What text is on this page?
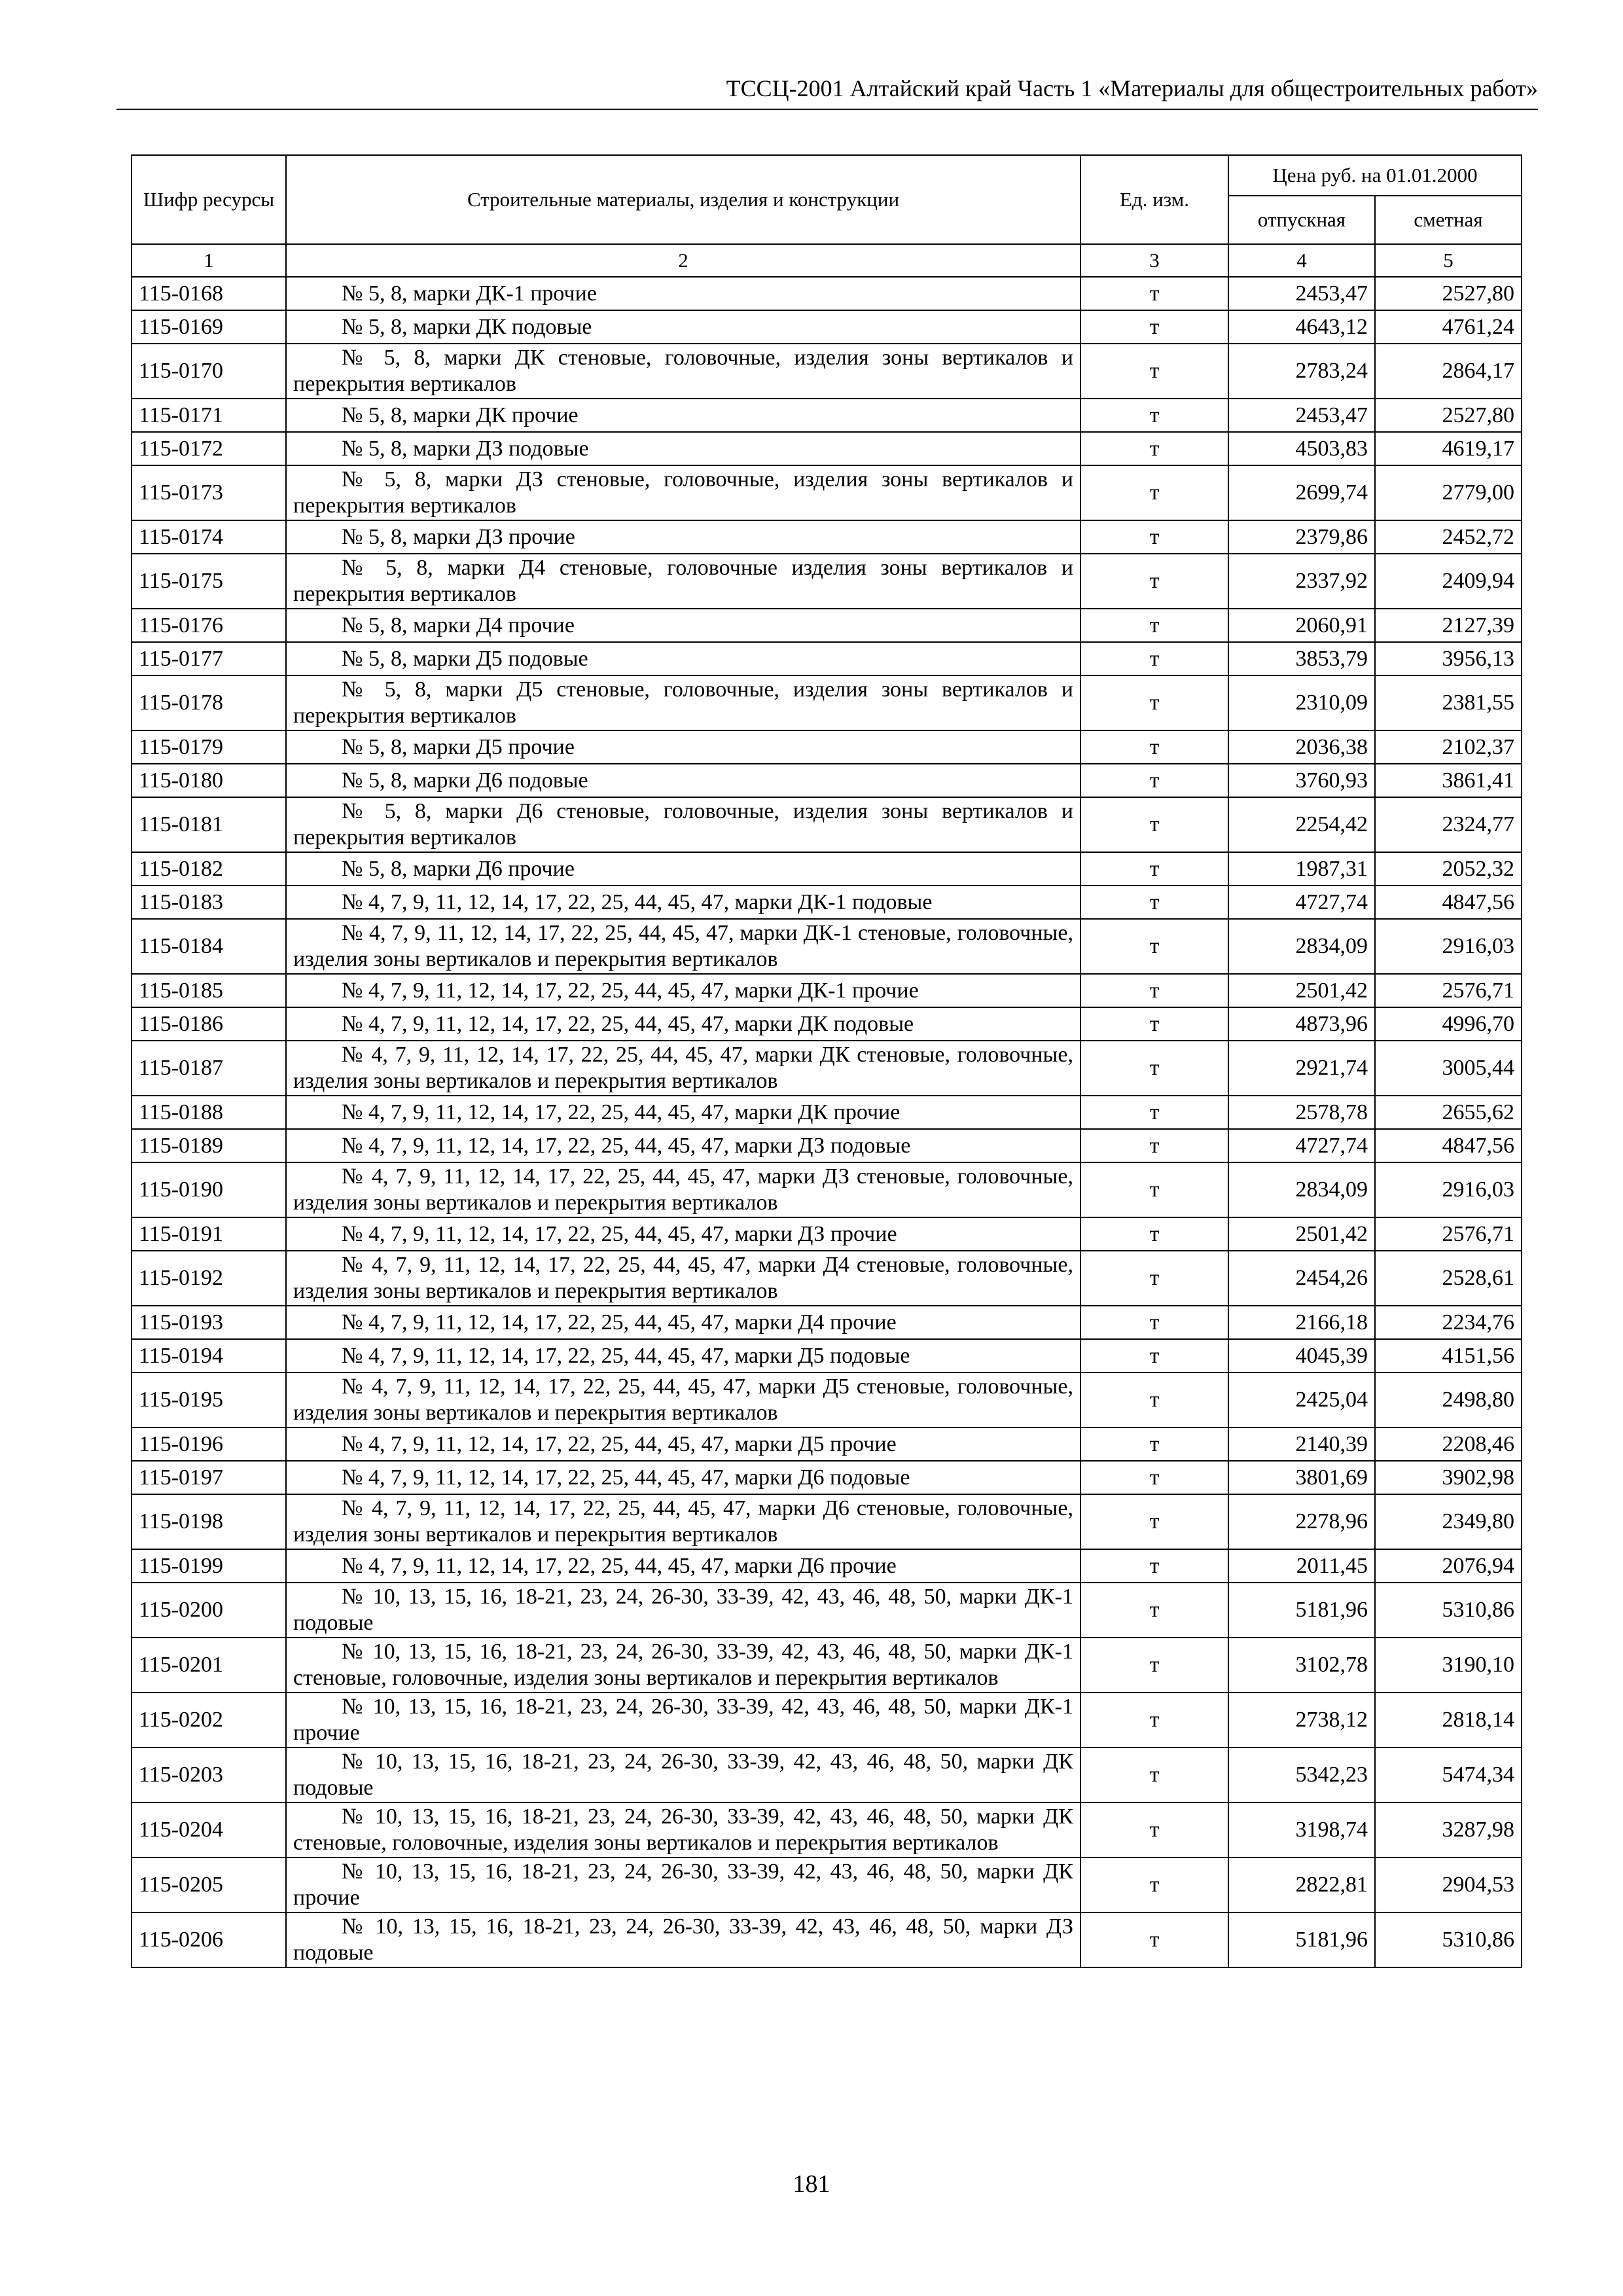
ТССЦ-2001 Алтайский край Часть 1 «Материалы для общестроительных работ»
Шифр ресурсы	Строительные материалы, изделия и конструкции	Ед. изм.	Цена руб. на 01.01.2000	
			отпускная	сметная
1	2	3	4	5
115-0168	№ 5, 8, марки ДК-1 прочие	т	2453,47	2527,80
115-0169	№ 5, 8, марки ДК подовые	т	4643,12	4761,24
115-0170	№ 5, 8, марки ДК стеновые, головочные, изделия зоны вертикалов и перекрытия вертикалов	т	2783,24	2864,17
115-0171	№ 5, 8, марки ДК прочие	т	2453,47	2527,80
115-0172	№ 5, 8, марки ДЗ подовые	т	4503,83	4619,17
115-0173	№ 5, 8, марки ДЗ стеновые, головочные, изделия зоны вертикалов и перекрытия вертикалов	т	2699,74	2779,00
115-0174	№ 5, 8, марки ДЗ прочие	т	2379,86	2452,72
115-0175	№ 5, 8, марки Д4 стеновые, головочные изделия зоны вертикалов и перекрытия вертикалов	т	2337,92	2409,94
115-0176	№ 5, 8, марки Д4 прочие	т	2060,91	2127,39
115-0177	№ 5, 8, марки Д5 подовые	т	3853,79	3956,13
115-0178	№ 5, 8, марки Д5 стеновые, головочные, изделия зоны вертикалов и перекрытия вертикалов	т	2310,09	2381,55
115-0179	№ 5, 8, марки Д5 прочие	т	2036,38	2102,37
115-0180	№ 5, 8, марки Д6 подовые	т	3760,93	3861,41
115-0181	№ 5, 8, марки Д6 стеновые, головочные, изделия зоны вертикалов и перекрытия вертикалов	т	2254,42	2324,77
115-0182	№ 5, 8, марки Д6 прочие	т	1987,31	2052,32
115-0183	№ 4, 7, 9, 11, 12, 14, 17, 22, 25, 44, 45, 47, марки ДК-1 подовые	т	4727,74	4847,56
115-0184	№ 4, 7, 9, 11, 12, 14, 17, 22, 25, 44, 45, 47, марки ДК-1 стеновые, головочные, изделия зоны вертикалов и перекрытия вертикалов	т	2834,09	2916,03
115-0185	№ 4, 7, 9, 11, 12, 14, 17, 22, 25, 44, 45, 47, марки ДК-1 прочие	т	2501,42	2576,71
115-0186	№ 4, 7, 9, 11, 12, 14, 17, 22, 25, 44, 45, 47, марки ДК подовые	т	4873,96	4996,70
115-0187	№ 4, 7, 9, 11, 12, 14, 17, 22, 25, 44, 45, 47, марки ДК стеновые, головочные, изделия зоны вертикалов и перекрытия вертикалов	т	2921,74	3005,44
115-0188	№ 4, 7, 9, 11, 12, 14, 17, 22, 25, 44, 45, 47, марки ДК прочие	т	2578,78	2655,62
115-0189	№ 4, 7, 9, 11, 12, 14, 17, 22, 25, 44, 45, 47, марки ДЗ подовые	т	4727,74	4847,56
115-0190	№ 4, 7, 9, 11, 12, 14, 17, 22, 25, 44, 45, 47, марки ДЗ стеновые, головочные, изделия зоны вертикалов и перекрытия вертикалов	т	2834,09	2916,03
115-0191	№ 4, 7, 9, 11, 12, 14, 17, 22, 25, 44, 45, 47, марки ДЗ прочие	т	2501,42	2576,71
115-0192	№ 4, 7, 9, 11, 12, 14, 17, 22, 25, 44, 45, 47, марки Д4 стеновые, головочные, изделия зоны вертикалов и перекрытия вертикалов	т	2454,26	2528,61
115-0193	№ 4, 7, 9, 11, 12, 14, 17, 22, 25, 44, 45, 47, марки Д4 прочие	т	2166,18	2234,76
115-0194	№ 4, 7, 9, 11, 12, 14, 17, 22, 25, 44, 45, 47, марки Д5 подовые	т	4045,39	4151,56
115-0195	№ 4, 7, 9, 11, 12, 14, 17, 22, 25, 44, 45, 47, марки Д5 стеновые, головочные, изделия зоны вертикалов и перекрытия вертикалов	т	2425,04	2498,80
115-0196	№ 4, 7, 9, 11, 12, 14, 17, 22, 25, 44, 45, 47, марки Д5 прочие	т	2140,39	2208,46
115-0197	№ 4, 7, 9, 11, 12, 14, 17, 22, 25, 44, 45, 47, марки Д6 подовые	т	3801,69	3902,98
115-0198	№ 4, 7, 9, 11, 12, 14, 17, 22, 25, 44, 45, 47, марки Д6 стеновые, головочные, изделия зоны вертикалов и перекрытия вертикалов	т	2278,96	2349,80
115-0199	№ 4, 7, 9, 11, 12, 14, 17, 22, 25, 44, 45, 47, марки Д6 прочие	т	2011,45	2076,94
115-0200	№ 10, 13, 15, 16, 18-21, 23, 24, 26-30, 33-39, 42, 43, 46, 48, 50, марки ДК-1 подовые	т	5181,96	5310,86
115-0201	№ 10, 13, 15, 16, 18-21, 23, 24, 26-30, 33-39, 42, 43, 46, 48, 50, марки ДК-1 стеновые, головочные, изделия зоны вертикалов и перекрытия вертикалов	т	3102,78	3190,10
115-0202	№ 10, 13, 15, 16, 18-21, 23, 24, 26-30, 33-39, 42, 43, 46, 48, 50, марки ДК-1 прочие	т	2738,12	2818,14
115-0203	№ 10, 13, 15, 16, 18-21, 23, 24, 26-30, 33-39, 42, 43, 46, 48, 50, марки ДК подовые	т	5342,23	5474,34
115-0204	№ 10, 13, 15, 16, 18-21, 23, 24, 26-30, 33-39, 42, 43, 46, 48, 50, марки ДК стеновые, головочные, изделия зоны вертикалов и перекрытия вертикалов	т	3198,74	3287,98
115-0205	№ 10, 13, 15, 16, 18-21, 23, 24, 26-30, 33-39, 42, 43, 46, 48, 50, марки ДК прочие	т	2822,81	2904,53
115-0206	№ 10, 13, 15, 16, 18-21, 23, 24, 26-30, 33-39, 42, 43, 46, 48, 50, марки ДЗ подовые	т	5181,96	5310,86
181
